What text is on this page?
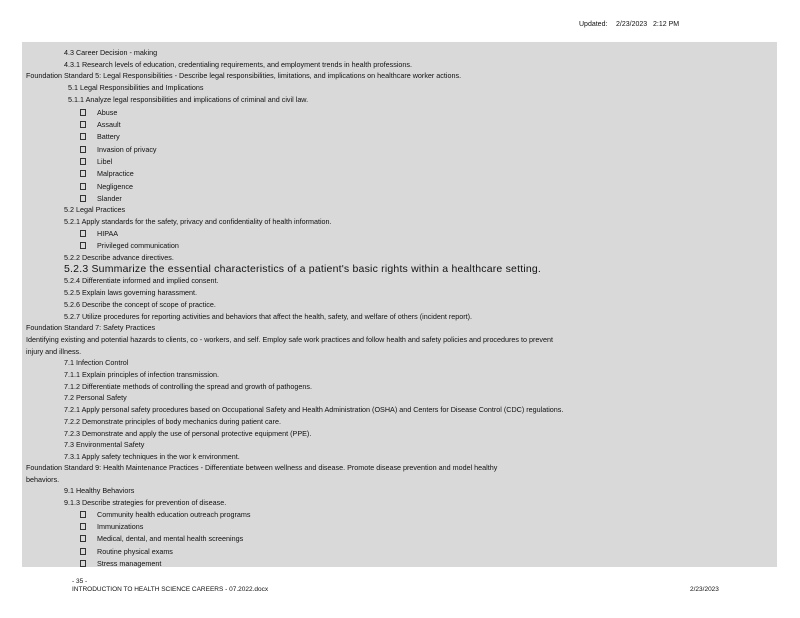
Updated: 2/23/2023 2:12 PM
4.3 Career Decision - making
4.3.1 Research levels of education, credentialing requirements, and employment trends in health professions.
Foundation Standard 5: Legal Responsibilities - Describe legal responsibilities, limitations, and implications on healthcare worker actions.
5.1 Legal Responsibilities and Implications
5.1.1 Analyze legal responsibilities and implications of criminal and civil law.
Abuse
Assault
Battery
Invasion of privacy
Libel
Malpractice
Negligence
Slander
5.2 Legal Practices
5.2.1 Apply standards for the safety, privacy and confidentiality of health information.
HIPAA
Privileged communication
5.2.2 Describe advance directives.
5.2.3 Summarize the essential characteristics of a patient's basic rights within a healthcare setting.
5.2.4 Differentiate informed and implied consent.
5.2.5 Explain laws governing harassment.
5.2.6 Describe the concept of scope of practice.
5.2.7 Utilize procedures for reporting activities and behaviors that affect the health, safety, and welfare of others (incident report).
Foundation Standard 7: Safety Practices
Identifying existing and potential hazards to clients, co - workers, and self. Employ safe work practices and follow health and safety policies and procedures to prevent
injury and illness.
7.1 Infection Control
7.1.1 Explain principles of infection transmission.
7.1.2 Differentiate methods of controlling the spread and growth of pathogens.
7.2 Personal Safety
7.2.1 Apply personal safety procedures based on Occupational Safety and Health Administration (OSHA) and Centers for Disease Control (CDC) regulations.
7.2.2 Demonstrate principles of body mechanics during patient care.
7.2.3 Demonstrate and apply the use of personal protective equipment (PPE).
7.3 Environmental Safety
7.3.1 Apply safety techniques in the wor k environment.
Foundation Standard 9: Health Maintenance Practices - Differentiate between wellness and disease. Promote disease prevention and model healthy
behaviors.
9.1 Healthy Behaviors
9.1.3 Describe strategies for prevention of disease.
Community health education outreach programs
Immunizations
Medical, dental, and mental health screenings
Routine physical exams
Stress management
- 35 -
INTRODUCTION TO HEALTH SCIENCE CAREERS - 07.2022.docx	2/23/2023
